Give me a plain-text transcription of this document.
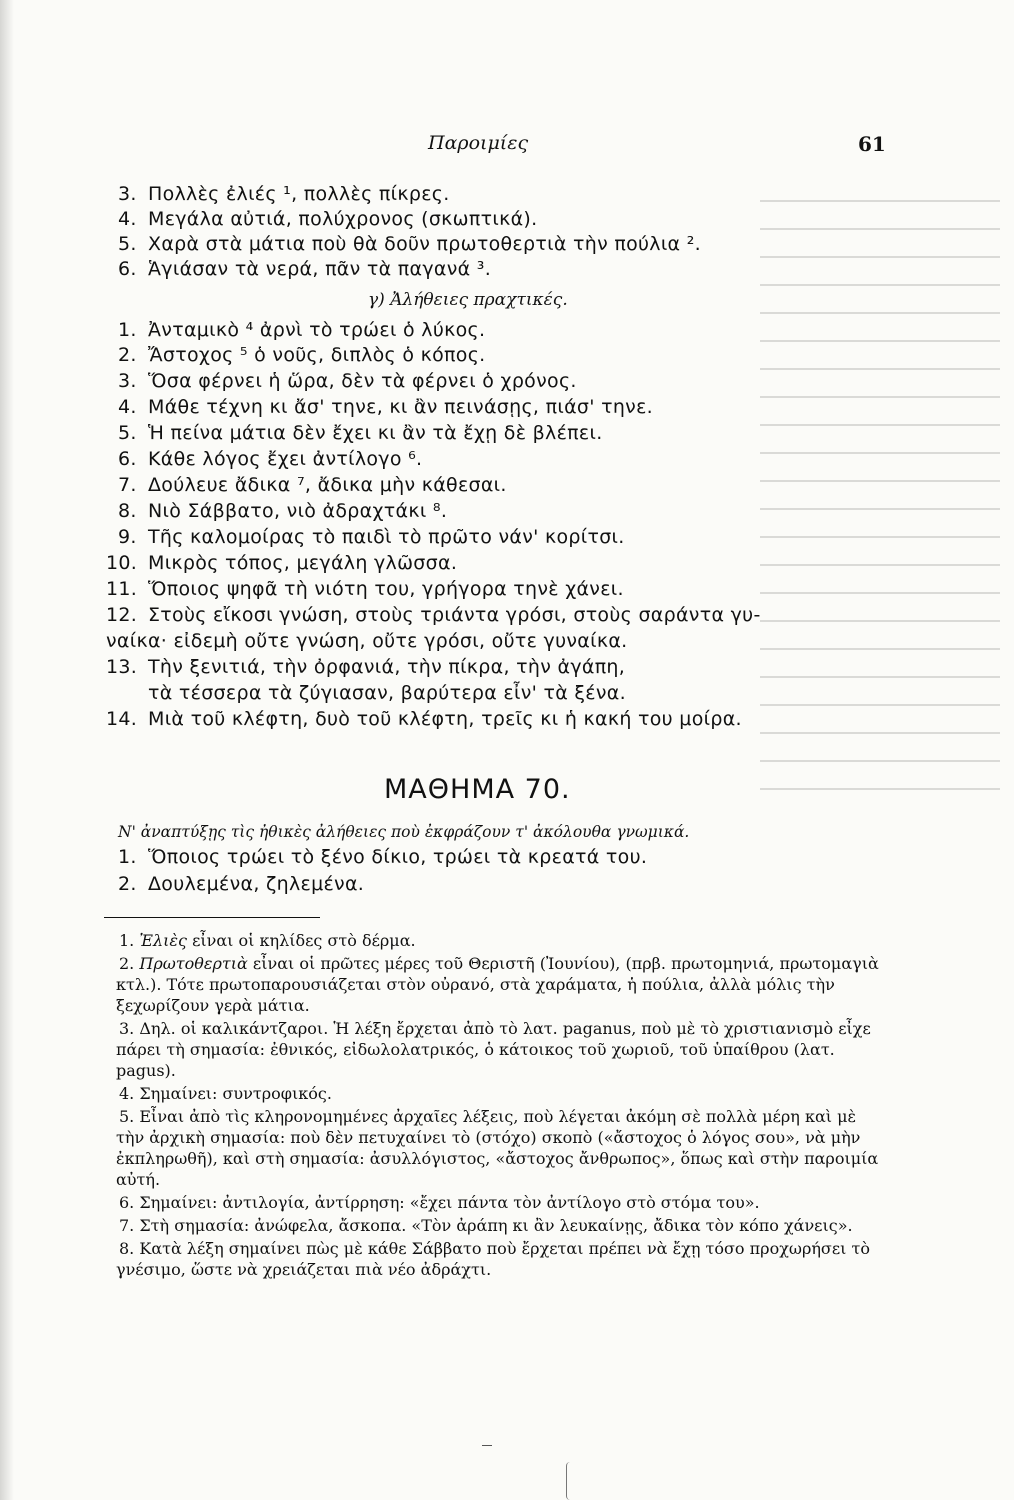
Παροιμίες	61
3. Πολλὲς ἐλιές ¹, πολλὲς πίκρες.
4. Μεγάλα αὐτιά, πολύχρονος (σκωπτικά).
5. Χαρὰ στὰ μάτια ποὺ θὰ δοῦν πρωτοθερτιὰ τὴν πούλια ².
6. Ἁγιάσαν τὰ νερά, πᾶν τὰ παγανά ³.
γ) Ἀλήθειες πραχτικές.
1. Ἀνταμικὸ ⁴ ἀρνὶ τὸ τρώει ὁ λύκος.
2. Ἄστοχος ⁵ ὁ νοῦς, διπλὸς ὁ κόπος.
3. Ὅσα φέρνει ἡ ὥρα, δὲν τὰ φέρνει ὁ χρόνος.
4. Μάθε τέχνη κι ἄσ' τηνε, κι ἂν πεινάσῃς, πιάσ' τηνε.
5. Ἡ πείνα μάτια δὲν ἔχει κι ἂν τὰ ἔχῃ δὲ βλέπει.
6. Κάθε λόγος ἔχει ἀντίλογο ⁶.
7. Δούλευε ἄδικα ⁷, ἄδικα μὴν κάθεσαι.
8. Νιὸ Σάββατο, νιὸ ἀδραχτάκι ⁸.
9. Τῆς καλομοίρας τὸ παιδὶ τὸ πρῶτο νάν' κορίτσι.
10. Μικρὸς τόπος, μεγάλη γλῶσσα.
11. Ὅποιος ψηφᾶ τὴ νιότη του, γρήγορα τηνὲ χάνει.
12. Στοὺς εἴκοσι γνώση, στοὺς τριάντα γρόσι, στοὺς σαράντα γυ-
ναίκα· εἰδεμὴ οὔτε γνώση, οὔτε γρόσι, οὔτε γυναίκα.
13. Τὴν ξενιτιά, τὴν ὀρφανιά, τὴν πίκρα, τὴν ἀγάπη,
τὰ τέσσερα τὰ ζύγιασαν, βαρύτερα εἶν' τὰ ξένα.
14. Μιὰ τοῦ κλέφτη, δυὸ τοῦ κλέφτη, τρεῖς κι ἡ κακή του μοίρα.
ΜΑΘΗΜΑ 70.
Ν' ἀναπτύξῃς τὶς ἠθικὲς ἀλήθειες ποὺ ἐκφράζουν τ' ἀκόλουθα γνωμικά.
1. Ὅποιος τρώει τὸ ξένο δίκιο, τρώει τὰ κρεατά του.
2. Δουλεμένα, ζηλεμένα.

1. Ἐλιὲς εἶναι οἱ κηλίδες στὸ δέρμα.

2. Πρωτοθερτιὰ εἶναι οἱ πρῶτες μέρες τοῦ Θεριστῆ (Ἰουνίου), (πρβ. πρωτομηνιά, πρωτομαγιὰ κτλ.). Τότε πρωτοπαρουσιάζεται στὸν οὐρανό, στὰ χαράματα, ἡ πούλια, ἀλλὰ μόλις τὴν ξεχωρίζουν γερὰ μάτια.

3. Δηλ. οἱ καλικάντζαροι. Ἡ λέξη ἔρχεται ἀπὸ τὸ λατ. paganus, ποὺ μὲ τὸ χριστιανισμὸ εἶχε πάρει τὴ σημασία: ἐθνικός, εἰδωλολατρικός, ὁ κάτοικος τοῦ χωριοῦ, τοῦ ὑπαίθρου (λατ. pagus).

4. Σημαίνει: συντροφικός.

5. Εἶναι ἀπὸ τὶς κληρονομημένες ἀρχαῖες λέξεις, ποὺ λέγεται ἀκόμη σὲ πολλὰ μέρη καὶ μὲ τὴν ἀρχικὴ σημασία: ποὺ δὲν πετυχαίνει τὸ (στόχο) σκοπὸ («ἄστοχος ὁ λόγος σου», νὰ μὴν ἐκπληρωθῆ), καὶ στὴ σημασία: ἀσυλλόγιστος, «ἄστοχος ἄνθρωπος», ὅπως καὶ στὴν παροιμία αὐτή.

6. Σημαίνει: ἀντιλογία, ἀντίρρηση: «ἔχει πάντα τὸν ἀντίλογο στὸ στόμα του».

7. Στὴ σημασία: ἀνώφελα, ἄσκοπα. «Τὸν ἀράπη κι ἂν λευκαίνῃς, ἄδικα τὸν κόπο χάνεις».

8. Κατὰ λέξη σημαίνει πὼς μὲ κάθε Σάββατο ποὺ ἔρχεται πρέπει νὰ ἔχῃ τόσο προχωρήσει τὸ γνέσιμο, ὥστε νὰ χρειάζεται πιὰ νέο ἀδράχτι.
